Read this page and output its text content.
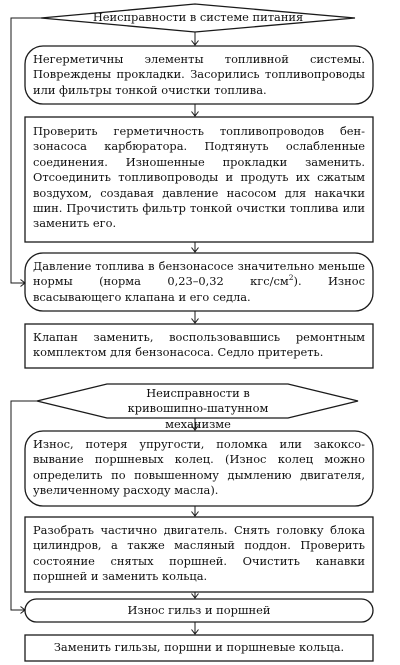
Неисправности в системе питания
Негерметичны элементы топливной системы. Повреждены прокладки. Засорились топливопроводы или фильтры тонкой очистки топлива.
Проверить герметичность топливопроводов бензонасоса карбюратора. Подтянуть ослабленные соединения. Изношенные прокладки заменить. Отсоединить топливопроводы и продуть их сжатым воздухом, создавая давление насосом для накачки шин. Прочистить фильтр тонкой очистки топлива или заменить его.
Давление топлива в бензонасосе значительно меньше нормы (норма 0,23–0,32 кгс/$см^2$). Износ всасывающего клапана и его седла.
Клапан заменить, воспользовавшись ремонтным комплектом для бензонасоса. Седло притереть.
Неисправности в кривошипно-шатунном механизме
Износ, потеря упругости, поломка или закоксовывание поршневых колец. (Износ колец можно определить по повышенному дымлению двигателя, увеличенному расходу масла).
Разобрать частично двигатель. Снять головку блока цилиндров, а также масляный поддон. Проверить состояние снятых поршней. Очистить канавки поршней и заменить кольца.
Износ гильз и поршней
Заменить гильзы, поршни и поршневые кольца.
